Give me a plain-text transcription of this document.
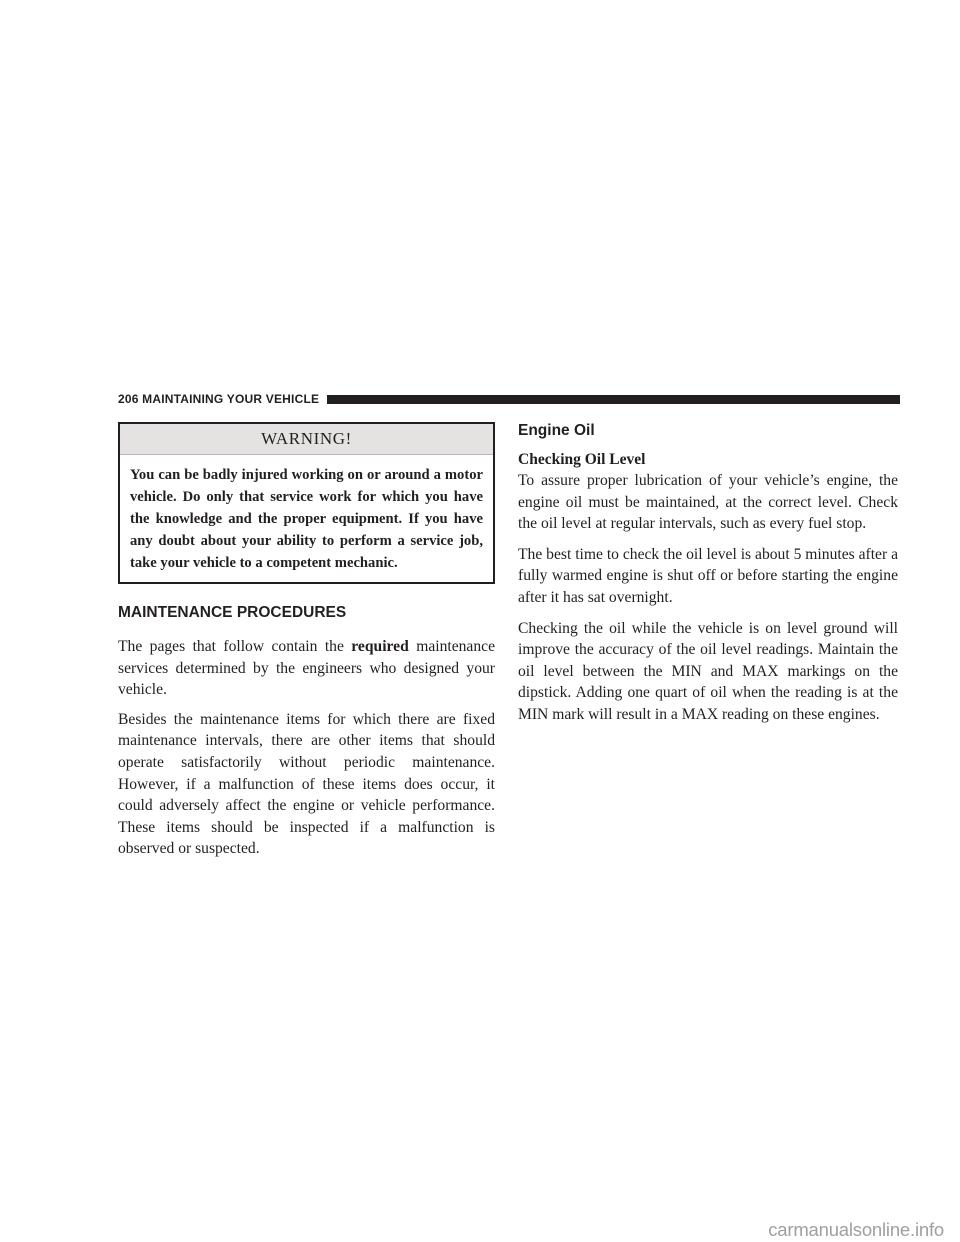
206 MAINTAINING YOUR VEHICLE
WARNING!
You can be badly injured working on or around a motor vehicle. Do only that service work for which you have the knowledge and the proper equipment. If you have any doubt about your ability to perform a service job, take your vehicle to a competent mechanic.
MAINTENANCE PROCEDURES

The pages that follow contain the required maintenance services determined by the engineers who designed your vehicle.

Besides the maintenance items for which there are fixed maintenance intervals, there are other items that should operate satisfactorily without periodic maintenance. However, if a malfunction of these items does occur, it could adversely affect the engine or vehicle performance. These items should be inspected if a malfunction is observed or suspected.

Engine Oil
Checking Oil Level

To assure proper lubrication of your vehicle’s engine, the engine oil must be maintained, at the correct level. Check the oil level at regular intervals, such as every fuel stop.

The best time to check the oil level is about 5 minutes after a fully warmed engine is shut off or before starting the engine after it has sat overnight.

Checking the oil while the vehicle is on level ground will improve the accuracy of the oil level readings. Maintain the oil level between the MIN and MAX markings on the dipstick. Adding one quart of oil when the reading is at the MIN mark will result in a MAX reading on these engines.

carmanualsonline.info
